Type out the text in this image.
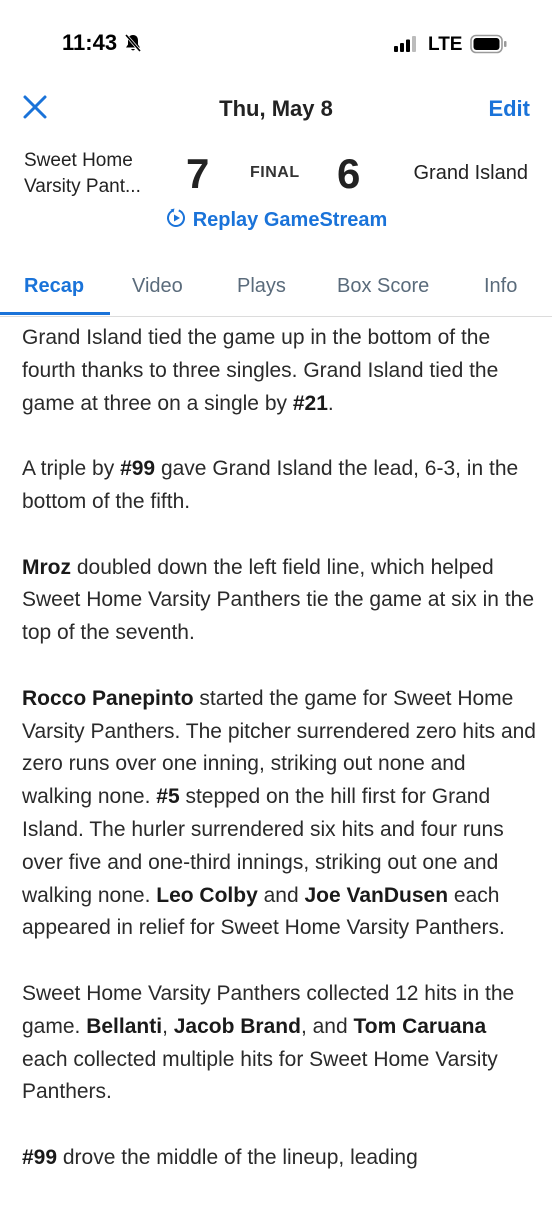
11:43	LTE
Thu, May 8	Edit
Sweet Home Varsity Pant...	7	FINAL 6	Grand Island
Replay GameStream
Recap Video	Plays	Box Score	Info

Grand Island tied the game up in the bottom of the fourth thanks to three singles. Grand Island tied the game at three on a single by #21.

A triple by #99 gave Grand Island the lead, 6-3, in the bottom of the fifth.

Mroz doubled down the left field line, which helped Sweet Home Varsity Panthers tie the game at six in the top of the seventh.

Rocco Panepinto started the game for Sweet Home Varsity Panthers. The pitcher surrendered zero hits and zero runs over one inning, striking out none and walking none. #5 stepped on the hill first for Grand Island. The hurler surrendered six hits and four runs over five and one-third innings, striking out one and walking none. Leo Colby and Joe VanDusen each appeared in relief for Sweet Home Varsity Panthers.

Sweet Home Varsity Panthers collected 12 hits in the game. Bellanti, Jacob Brand, and Tom Caruana each collected multiple hits for Sweet Home Varsity Panthers.

#99 drove the middle of the lineup, leading
